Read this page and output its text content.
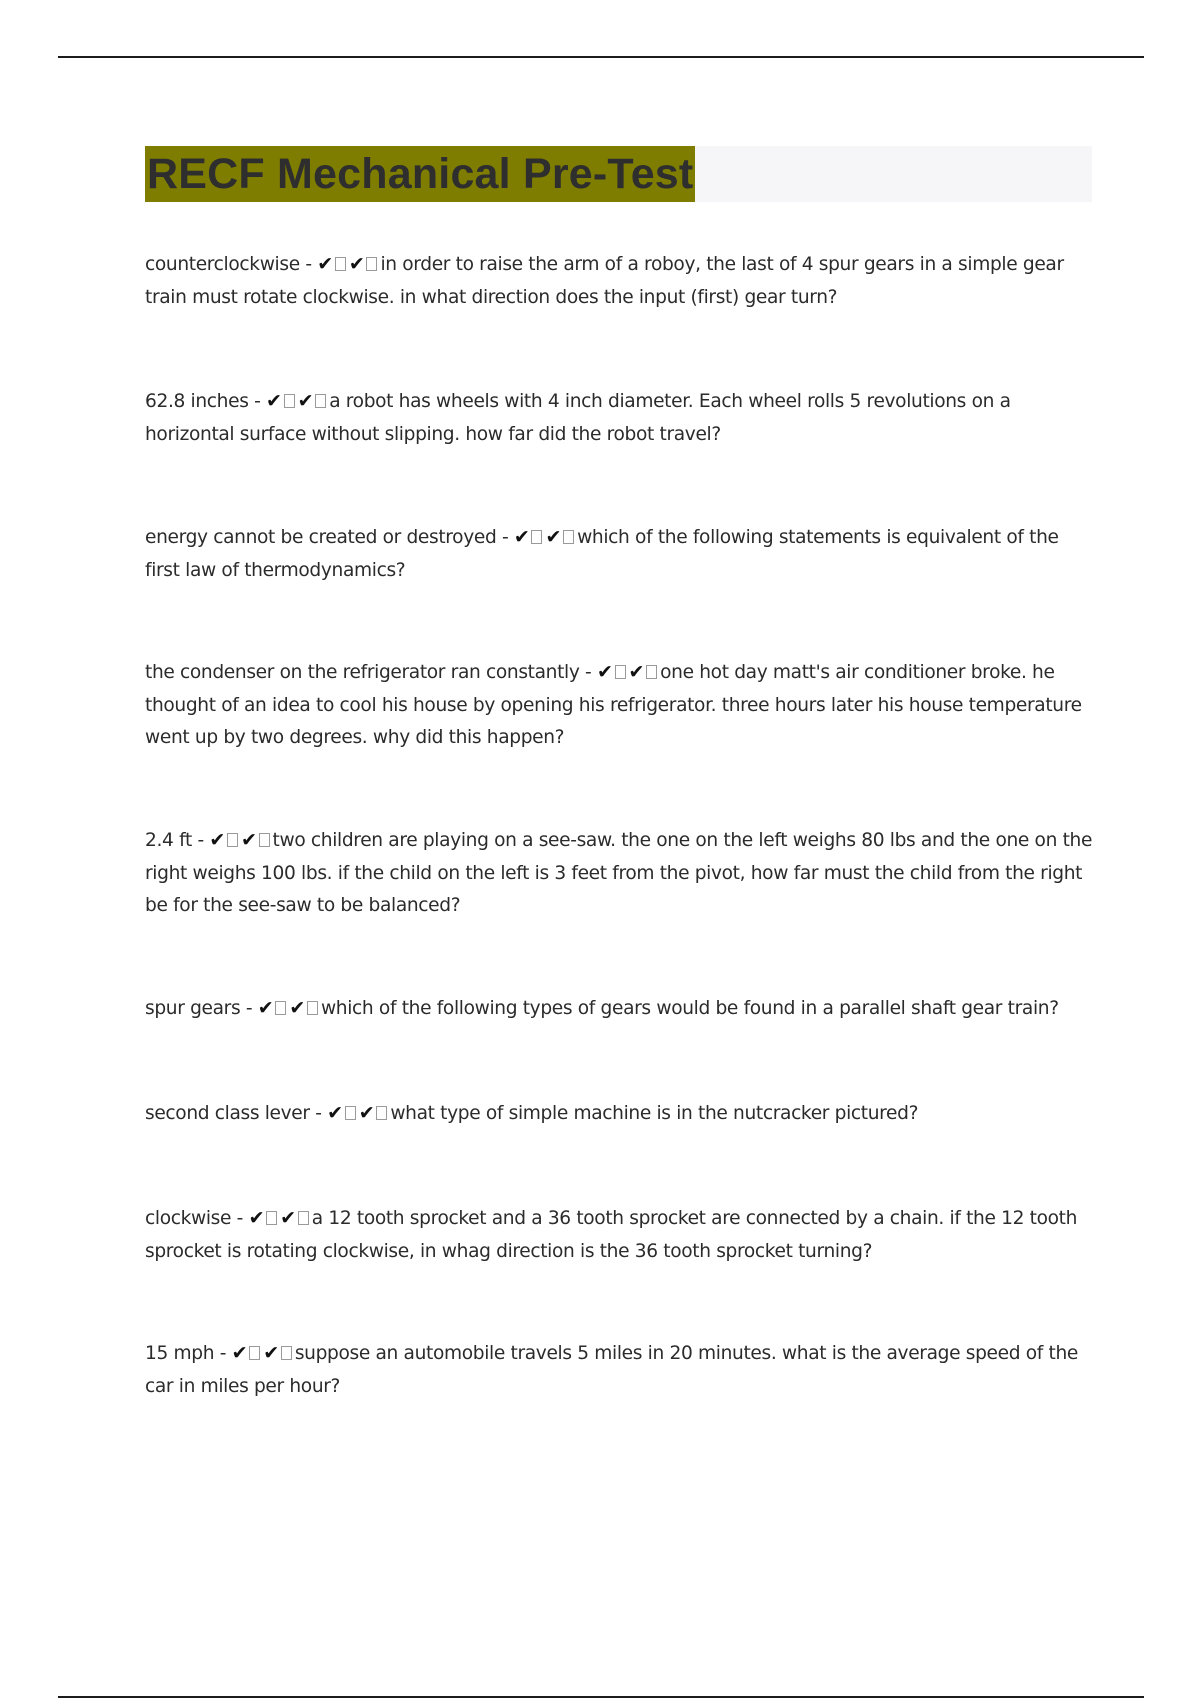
RECF Mechanical Pre-Test

counterclockwise - ✔ ✔ in order to raise the arm of a roboy, the last of 4 spur gears in a simple gear train must rotate clockwise. in what direction does the input (first) gear turn?

62.8 inches - ✔ ✔ a robot has wheels with 4 inch diameter. Each wheel rolls 5 revolutions on a horizontal surface without slipping. how far did the robot travel?

energy cannot be created or destroyed - ✔ ✔ which of the following statements is equivalent of the first law of thermodynamics?

the condenser on the refrigerator ran constantly - ✔ ✔ one hot day matt's air conditioner broke. he thought of an idea to cool his house by opening his refrigerator. three hours later his house temperature went up by two degrees. why did this happen?

2.4 ft - ✔ ✔ two children are playing on a see-saw. the one on the left weighs 80 lbs and the one on the right weighs 100 lbs. if the child on the left is 3 feet from the pivot, how far must the child from the right be for the see-saw to be balanced?

spur gears - ✔ ✔ which of the following types of gears would be found in a parallel shaft gear train?

second class lever - ✔ ✔ what type of simple machine is in the nutcracker pictured?

clockwise - ✔ ✔ a 12 tooth sprocket and a 36 tooth sprocket are connected by a chain. if the 12 tooth sprocket is rotating clockwise, in whag direction is the 36 tooth sprocket turning?

15 mph - ✔ ✔ suppose an automobile travels 5 miles in 20 minutes. what is the average speed of the car in miles per hour?
